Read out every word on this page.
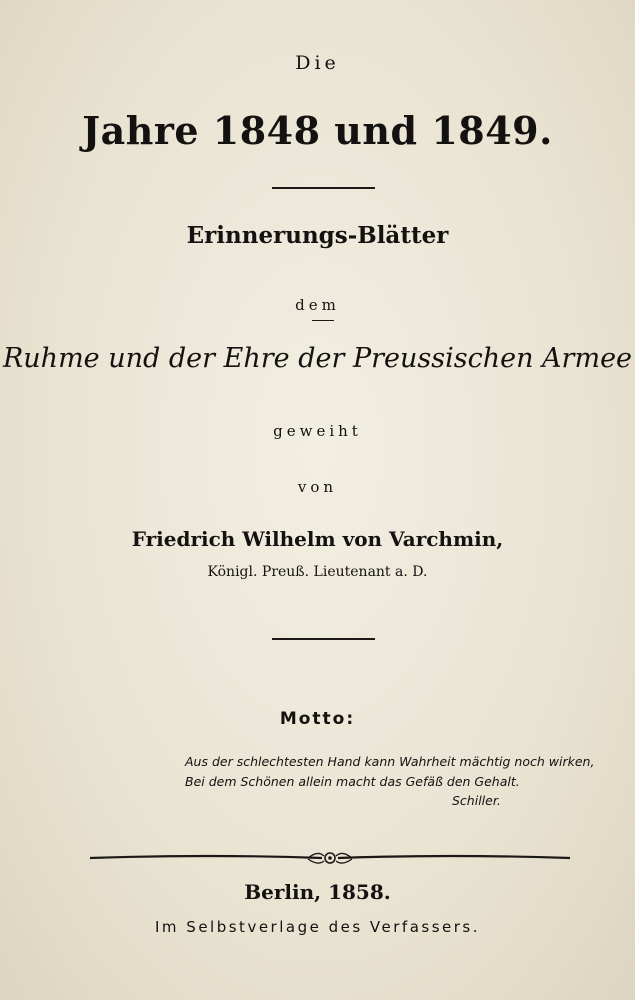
Die

Jahre 1848 und 1849.

Erinnerungs-Blätter

dem

Ruhme und der Ehre der Preussischen Armee

geweiht

von

Friedrich Wilhelm von Varchmin,

Königl. Preuß. Lieutenant a. D.

Motto:

Aus der schlechtesten Hand kann Wahrheit mächtig noch wirken,

Bei dem Schönen allein macht das Gefäß den Gehalt.

Schiller.

Berlin, 1858.

Im Selbstverlage des Verfassers.
